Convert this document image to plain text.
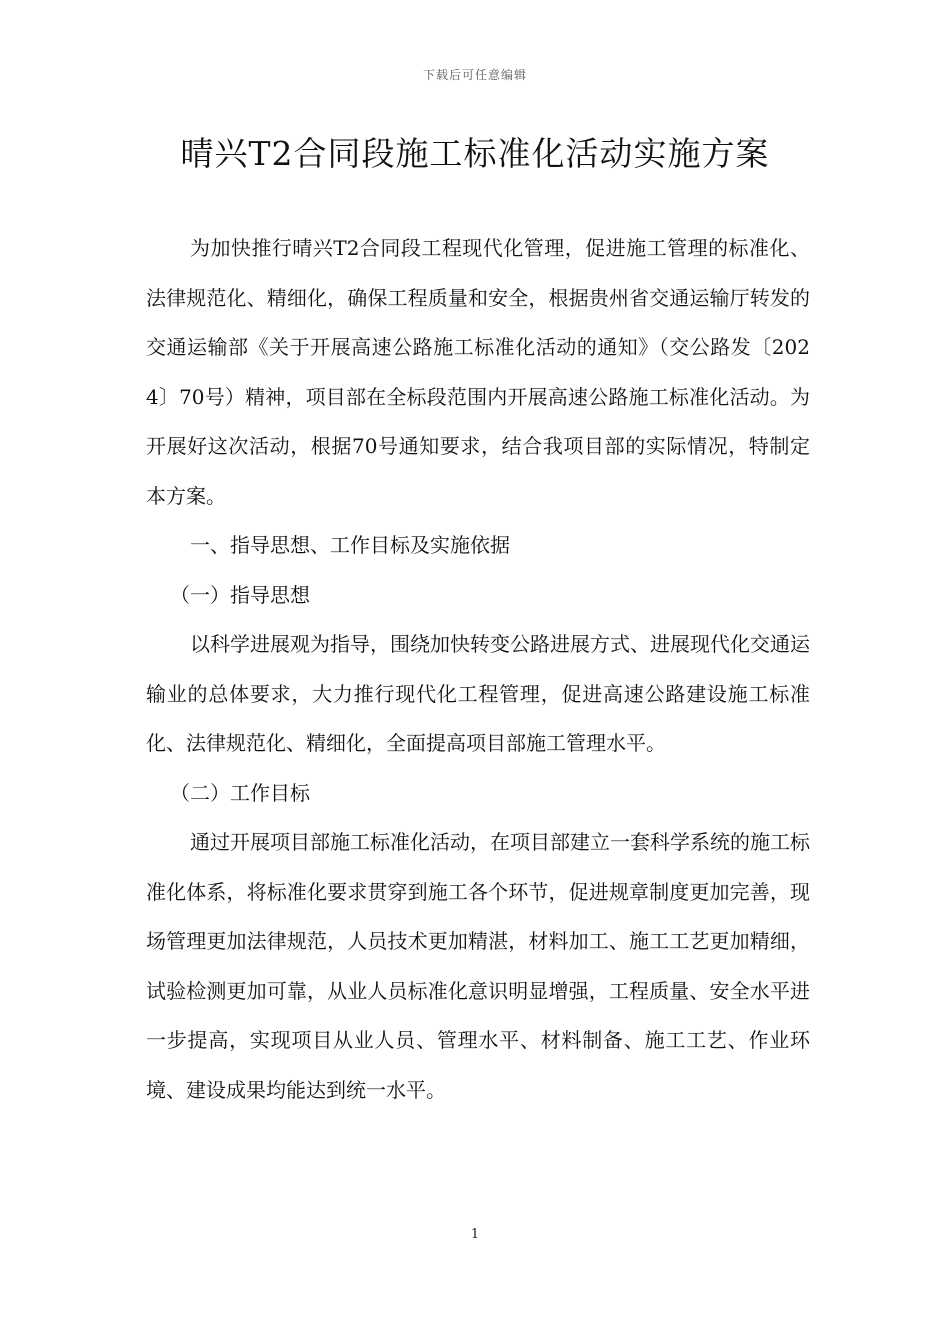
下载后可任意编辑
晴兴T2合同段施工标准化活动实施方案

为加快推行晴兴T2合同段工程现代化管理，促进施工管理的标准化、法律规范化、精细化，确保工程质量和安全，根据贵州省交通运输厅转发的交通运输部《关于开展高速公路施工标准化活动的通知》（交公路发〔2024〕70号）精神，项目部在全标段范围内开展高速公路施工标准化活动。为开展好这次活动，根据70号通知要求，结合我项目部的实际情况，特制定本方案。

一、指导思想、工作目标及实施依据

（一）指导思想

以科学进展观为指导，围绕加快转变公路进展方式、进展现代化交通运输业的总体要求，大力推行现代化工程管理，促进高速公路建设施工标准化、法律规范化、精细化，全面提高项目部施工管理水平。

（二）工作目标

通过开展项目部施工标准化活动，在项目部建立一套科学系统的施工标准化体系，将标准化要求贯穿到施工各个环节，促进规章制度更加完善，现场管理更加法律规范，人员技术更加精湛，材料加工、施工工艺更加精细，试验检测更加可靠，从业人员标准化意识明显增强，工程质量、安全水平进一步提高，实现项目从业人员、管理水平、材料制备、施工工艺、作业环境、建设成果均能达到统一水平。

1
